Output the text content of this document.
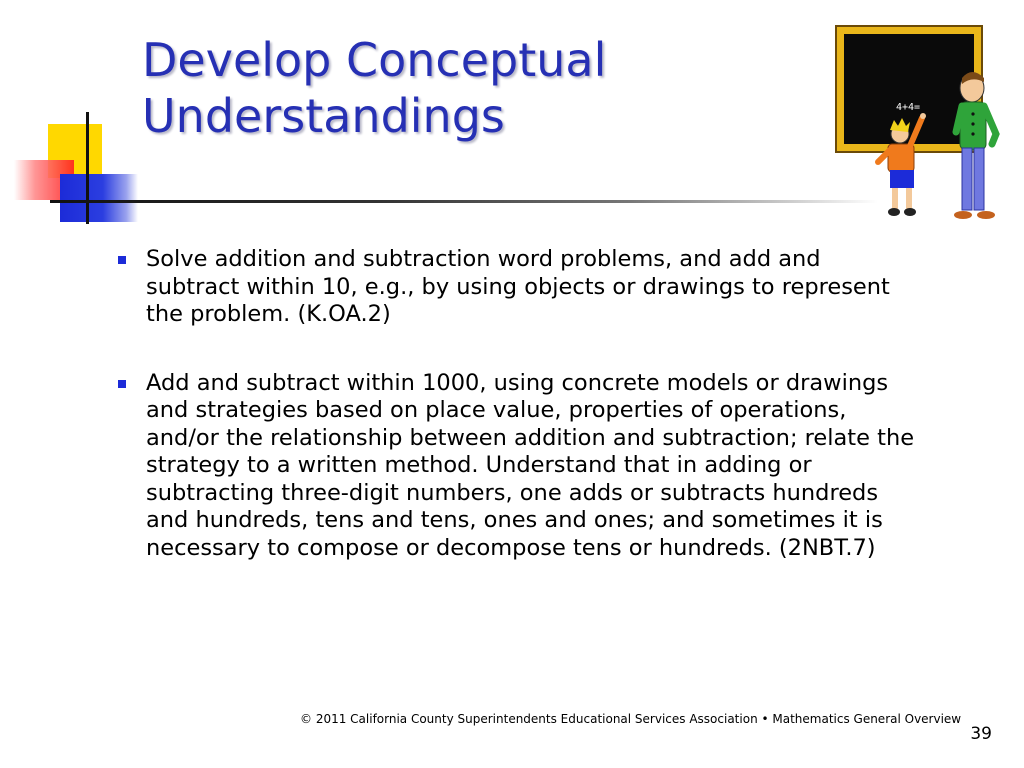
Develop Conceptual
Understandings	4+4=
Solve addition and subtraction word problems, and add and subtract within 10, e.g., by using objects or drawings to represent the problem. (K.OA.2)
Add and subtract within 1000, using concrete models or drawings and strategies based on place value, properties of operations, and/or the relationship between addition and subtraction; relate the strategy to a written method. Understand that in adding or subtracting three-digit numbers, one adds or subtracts hundreds and hundreds, tens and tens, ones and ones; and sometimes it is necessary to compose or decompose tens or hundreds. (2NBT.7)
© 2011 California County Superintendents Educational Services Association • Mathematics General Overview
39
